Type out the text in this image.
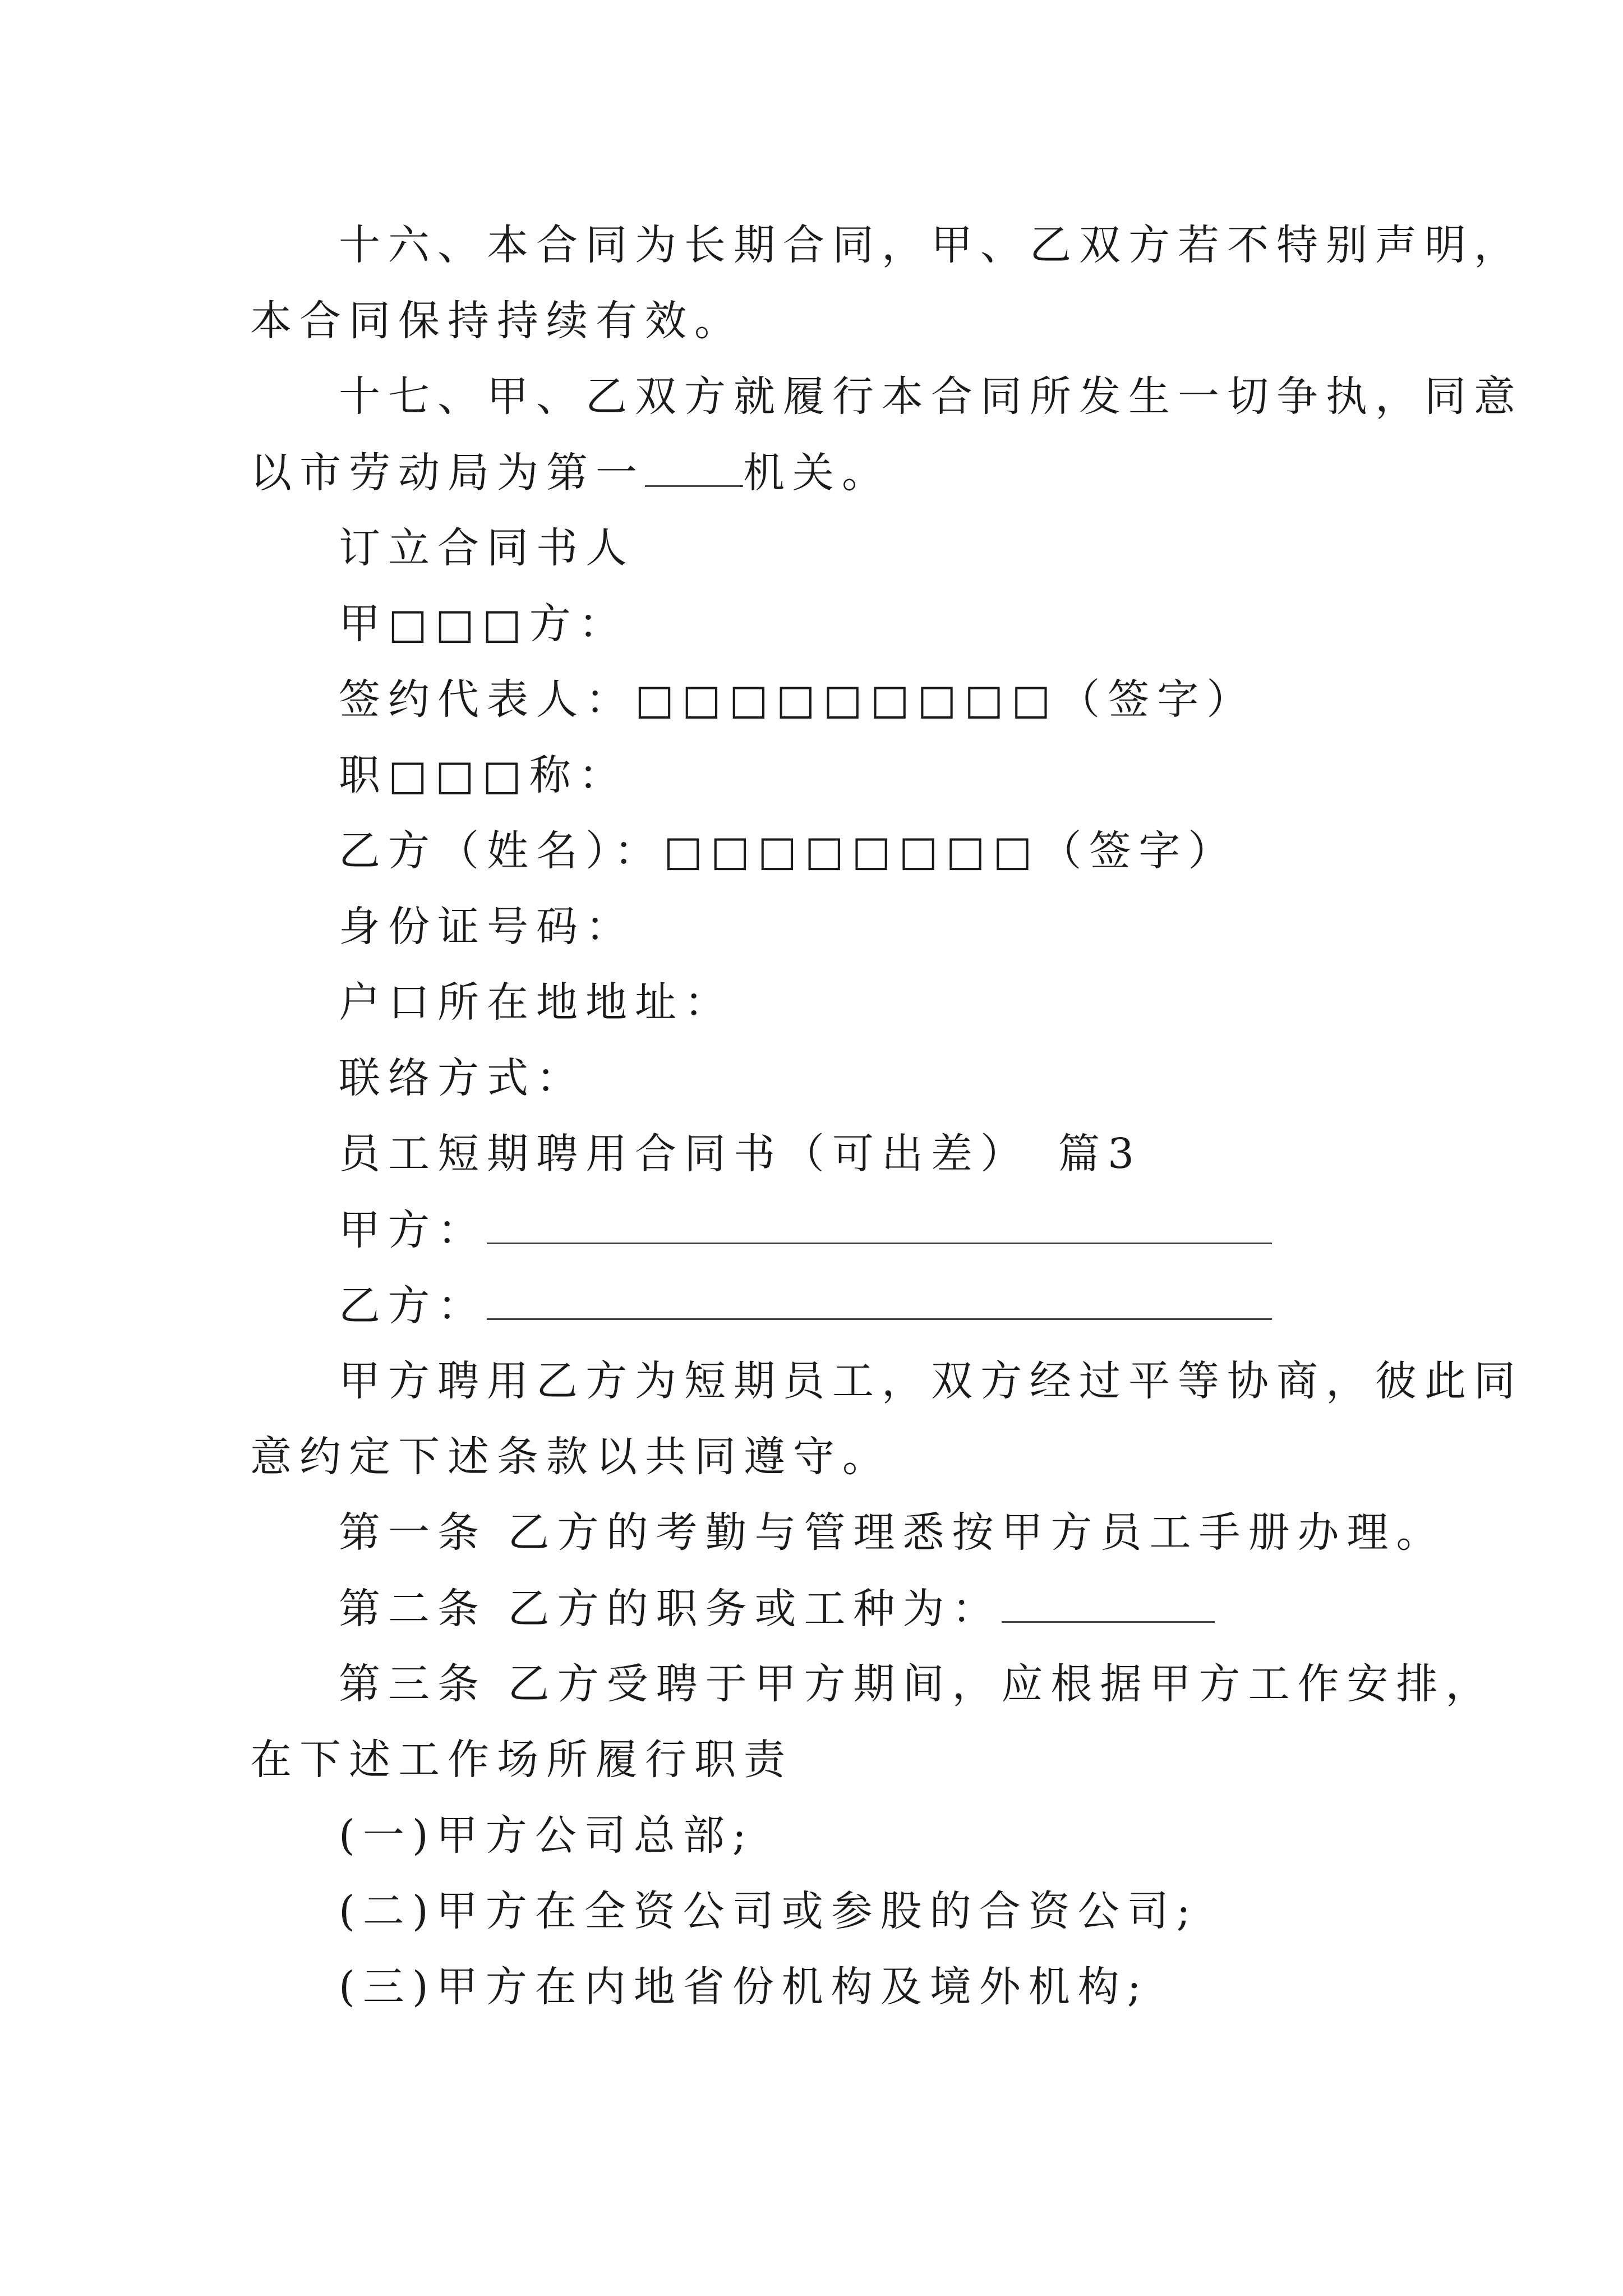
十六、本合同为长期合同，甲、乙双方若不特别声明，
本合同保持持续有效。
十七、甲、乙双方就履行本合同所发生一切争执，同意
以市劳动局为第一 机关。
订立合同书人
甲□□□方：
签约代表人：□□□□□□□□□（签字）
职□□□称：
乙方（姓名）：□□□□□□□□（签字）
身份证号码：
户口所在地地址：
联络方式：
员工短期聘用合同书（可出差）　篇3
甲方：
乙方：
甲方聘用乙方为短期员工，双方经过平等协商，彼此同
意约定下述条款以共同遵守。
第一条 乙方的考勤与管理悉按甲方员工手册办理。
第二条 乙方的职务或工种为：
第三条 乙方受聘于甲方期间，应根据甲方工作安排，
在下述工作场所履行职责
(一)甲方公司总部;
(二)甲方在全资公司或参股的合资公司;
(三)甲方在内地省份机构及境外机构;
